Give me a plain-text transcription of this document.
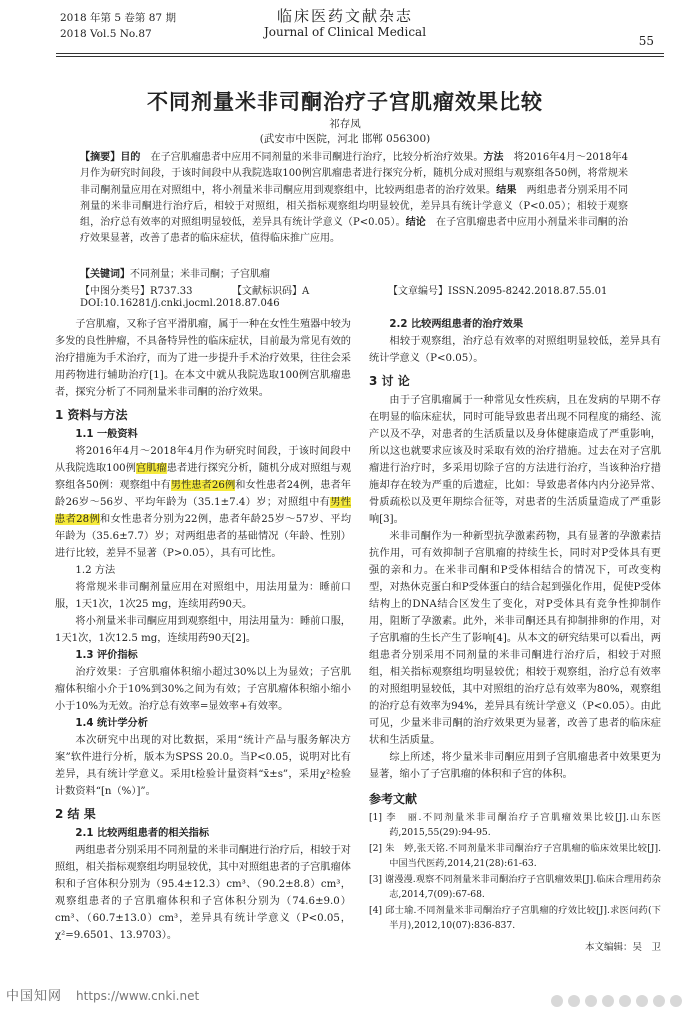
2018 年第 5 卷第 87 期
2018 Vol.5 No.87
临床医药文献杂志
Journal of Clinical Medical
55
不同剂量米非司酮治疗子宫肌瘤效果比较
祁存凤
(武安市中医院，河北 邯郸 056300)
【摘要】目的　 在子宫肌瘤患者中应用不同剂量的米非司酮进行治疗，比较分析治疗效果。方法　 将2016年4月～2018年4月作为研究时间段，于该时间段中从我院选取100例宫肌瘤患者进行探究分析，随机分成对照组与观察组各50例，将常规米非司酮剂量应用在对照组中，将小剂量米非司酮应用到观察组中，比较两组患者的治疗效果。结果　 两组患者分别采用不同剂量的米非司酮进行治疗后，相较于对照组，相关指标观察组均明显较优，差异具有统计学意义（P<0.05）；相较于观察组，治疗总有效率的对照组明显较低，差异具有统计学意义（P<0.05）。结论　 在子宫肌瘤患者中应用小剂量米非司酮的治疗效果显著，改善了患者的临床症状，值得临床推广应用。
【关键词】不同剂量；米非司酮；子宫肌瘤
【中图分类号】R737.33	【文献标识码】A	【文章编号】ISSN.2095-8242.2018.87.55.01
DOI:10.16281/j.cnki.jocml.2018.87.046

子宫肌瘤，又称子宫平滑肌瘤，属于一种在女性生殖器中较为多发的良性肿瘤，不具备特异性的临床症状，目前最为常见有效的治疗措施为手术治疗，而为了进一步提升手术治疗效果，往往会采用药物进行辅助治疗[1]。在本文中就从我院选取100例宫肌瘤患者，探究分析了不同剂量米非司酮的治疗效果。

1 资料与方法
1.1 一般资料

将2016年4月～2018年4月作为研究时间段，于该时间段中从我院选取100例宫肌瘤患者进行探究分析，随机分成对照组与观察组各50例：观察组中有男性患者26例和女性患者24例，患者年龄26岁～56岁、平均年龄为（35.1±7.4）岁；对照组中有男性患者28例和女性患者分别为22例，患者年龄25岁～57岁、平均年龄为（35.6±7.7）岁；对两组患者的基础情况（年龄、性别）进行比较，差异不显著（P>0.05），具有可比性。

1.2 方法

将常规米非司酮剂量应用在对照组中，用法用量为：睡前口服，1天1次，1次25 mg，连续用药90天。

将小剂量米非司酮应用到观察组中，用法用量为：睡前口服，1天1次，1次12.5 mg，连续用药90天[2]。

1.3 评价指标

治疗效果：子宫肌瘤体积缩小超过30%以上为显效；子宫肌瘤体积缩小介于10%到30%之间为有效；子宫肌瘤体积缩小缩小小于10%为无效。治疗总有效率=显效率+有效率。

1.4 统计学分析

本次研究中出现的对比数据，采用“统计产品与服务解决方案”软件进行分析，版本为SPSS 20.0。当P<0.05，说明对比有差异，具有统计学意义。采用t检验计量资料“x̄±s”，采用χ²检验计数资料“[n（%）]”。

2 结 果
2.1 比较两组患者的相关指标

两组患者分别采用不同剂量的米非司酮进行治疗后，相较于对照组，相关指标观察组均明显较优，其中对照组患者的子宫肌瘤体积和子宫体积分别为（95.4±12.3）cm³、（90.2±8.8）cm³，观察组患者的子宫肌瘤体积和子宫体积分别为（74.6±9.0）cm³、（60.7±13.0）cm³，差异具有统计学意义（P<0.05，χ²=9.6501、13.9703）。

2.2 比较两组患者的治疗效果

相较于观察组，治疗总有效率的对照组明显较低，差异具有统计学意义（P<0.05）。

3 讨 论

由于子宫肌瘤属于一种常见女性疾病，且在发病的早期不存在明显的临床症状，同时可能导致患者出现不同程度的痛经、流产以及不孕，对患者的生活质量以及身体健康造成了严重影响，所以这也就要求应该及时采取有效的治疗措施。过去在对子宫肌瘤进行治疗时，多采用切除子宫的方法进行治疗，当该种治疗措施却存在较为严重的后遗症，比如：导致患者体内内分泌异常、骨质疏松以及更年期综合征等，对患者的生活质量造成了严重影响[3]。

米非司酮作为一种新型抗孕激素药物，具有显著的孕激素拮抗作用，可有效抑制子宫肌瘤的持续生长，同时对P受体具有更强的亲和力。在米非司酮和P受体相结合的情况下，可改变构型，对热休克蛋白和P受体蛋白的结合起到强化作用，促使P受体结构上的DNA结合区发生了变化，对P受体具有竞争性抑制作用，阻断了孕激素。此外，米非司酮还具有抑制排卵的作用，对子宫肌瘤的生长产生了影响[4]。从本文的研究结果可以看出，两组患者分别采用不同剂量的米非司酮进行治疗后，相较于对照组，相关指标观察组均明显较优；相较于观察组，治疗总有效率的对照组明显较低，其中对照组的治疗总有效率为80%，观察组的治疗总有效率为94%，差异具有统计学意义（P<0.05）。由此可见，少量米非司酮的治疗效果更为显著，改善了患者的临床症状和生活质量。

综上所述，将少量米非司酮应用到子宫肌瘤患者中效果更为显著，缩小了子宫肌瘤的体积和子宫的体积。

参考文献

[1] 李　丽.不同剂量米非司酮治疗子宫肌瘤效果比较[J].山东医药,2015,55(29):94-95.

[2] 朱　婷,张天铭.不同剂量米非司酮治疗子宫肌瘤的临床效果比较[J].中国当代医药,2014,21(28):61-63.

[3] 谢漫漫.观察不同剂量米非司酮治疗子宫肌瘤效果[J].临床合理用药杂志,2014,7(09):67-68.

[4] 邱士瑜.不同剂量米非司酮治疗子宫肌瘤的疗效比较[J].求医问药(下半月),2012,10(07):836-837.

本文编辑：吴　卫
中国知网 https://www.cnki.net
